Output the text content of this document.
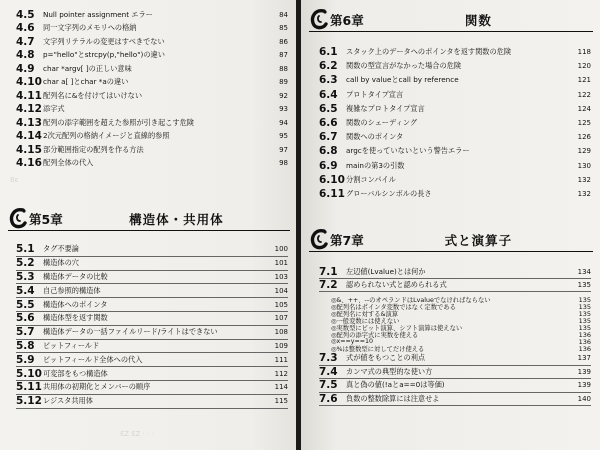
4.5	Null pointer assignment エラー	84
4.6	同一文字列のメモリへの格納	85
4.7	文字列リテラルの変更はすべきでない	86
4.8	p="hello"とstrcpy(p,"hello")の違い	87
4.9	char *argv[ ]の正しい意味	88
4.10 char a[ ]とchar *aの違い	89
4.11 配列名に&を付けてはいけない	92
4.12 添字式	93
4.13 配列の添字範囲を超えた参照が引き起こす危険	94
4.14 2次元配列の格納イメージと直線的参照	95
4.15 部分範囲指定の配列を作る方法	97
4.16 配列全体の代入	98
第5章	構造体・共用体
5.1	タグ不要論	100
5.2	構造体の穴	101
5.3	構造体データの比較	103
5.4	自己参照的構造体	104
5.5	構造体へのポインタ	105
5.6	構造体型を返す関数	107
5.7	構造体データの一括ファイルリード/ライトはできない	108
5.8	ビットフィールド	109
5.9	ビットフィールド全体への代入	111
5.10 可変部をもつ構造体	112
5.11 共用体の初期化とメンバーの順序	114
5.12 レジスタ共用体	115
8ε
ƐZ ƐZ · · ·
第6章	関数
6.1	スタック上のデータへのポインタを返す関数の危険	118
6.2	関数の型宣言がなかった場合の危険	120
6.3	call by valueとcall by reference	121
6.4	プロトタイプ宣言	122
6.5	複雑なプロトタイプ宣言	124
6.6	関数のシェーディング	125
6.7	関数へのポインタ	126
6.8	argcを使っていないという警告エラー	129
6.9	mainの第3の引数	130
6.10 分割コンパイル	132
6.11 グローバルシンボルの長さ	132
第7章	式と演算子
7.1	左辺値(Lvalue)とは何か	134
7.2	認められない式と認められる式	135
◎&、++、--のオペランドはLvalueでなければならない	135
◎配列名はポインタ変数ではなく定数である	135
◎配列名に対する&演算	135
◎一般変数には使えない	135
◎実数型にビット演算、シフト演算は使えない	135
◎配列の添字式に実数を使える	136
◎x==y==10	136
◎%は整数型に対してだけ使える	136
7.3	式が値をもつことの利点	137
7.4	カンマ式の典型的な使い方	139
7.5	真と偽の値(!aとa==0は等価)	139
7.6	負数の整数除算には注意せよ	140
